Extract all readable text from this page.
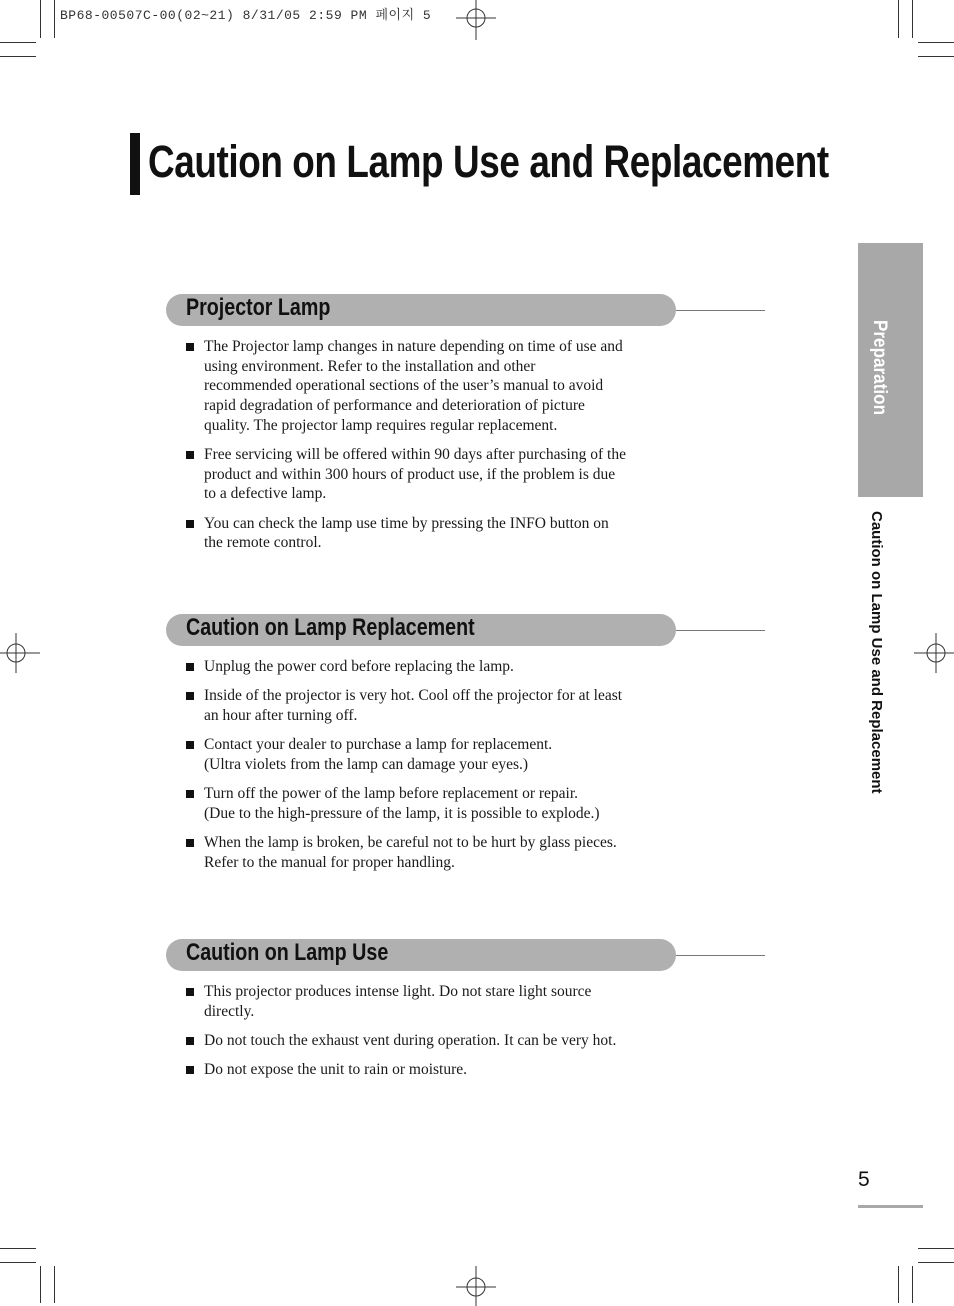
BP68-00507C-00(02~21) 8/31/05 2:59 PM 페이지 5
Caution on Lamp Use and Replacement
Preparation
Caution on Lamp Use and Replacement
Projector Lamp
The Projector lamp changes in nature depending on time of use and
using environment. Refer to the installation and other
recommended operational sections of the user’s manual to avoid
rapid degradation of performance and deterioration of picture
quality. The projector lamp requires regular replacement.
Free servicing will be offered within 90 days after purchasing of the
product and within 300 hours of product use, if the problem is due
to a defective lamp.
You can check the lamp use time by pressing the INFO button on
the remote control.
Caution on Lamp Replacement
Unplug the power cord before replacing the lamp.
Inside of the projector is very hot. Cool off the projector for at least
an hour after turning off.
Contact your dealer to purchase a lamp for replacement.
(Ultra violets from the lamp can damage your eyes.)
Turn off the power of the lamp before replacement or repair.
(Due to the high-pressure of the lamp, it is possible to explode.)
When the lamp is broken, be careful not to be hurt by glass pieces.
Refer to the manual for proper handling.
Caution on Lamp Use
This projector produces intense light. Do not stare light source
directly.
Do not touch the exhaust vent during operation. It can be very hot.
Do not expose the unit to rain or moisture.
5
